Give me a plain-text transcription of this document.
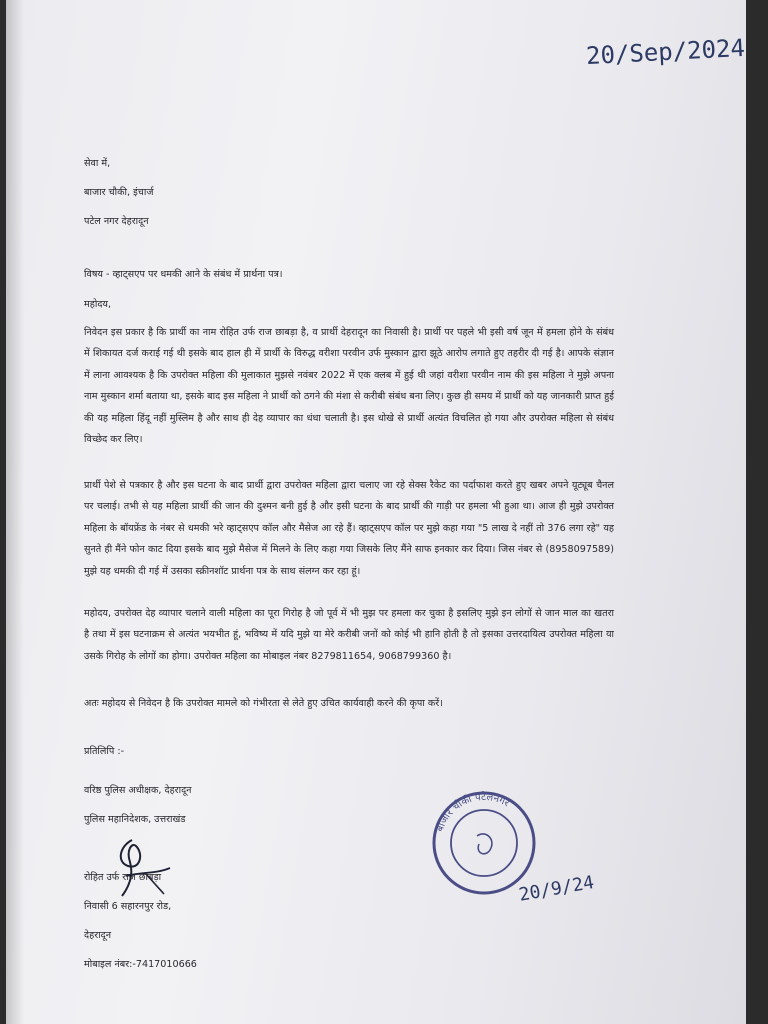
20/Sep/2024
सेवा में,
बाजार चौकी, इंचार्ज
पटेल नगर देहरादून
विषय - व्हाट्सएप पर धमकी आने के संबंध में प्रार्थना पत्र।
महोदय,
निवेदन इस प्रकार है कि प्रार्थी का नाम रोहित उर्फ राज छाबड़ा है, व प्रार्थी देहरादून का निवासी है। प्रार्थी पर पहले भी इसी वर्ष जून में हमला होने के संबंध में शिकायत दर्ज कराई गई थी इसके बाद हाल ही में प्रार्थी के विरुद्ध वरीशा परवीन उर्फ मुस्कान द्वारा झूठे आरोप लगाते हुए तहरीर दी गई है। आपके संज्ञान में लाना आवश्यक है कि उपरोक्त महिला की मुलाकात मुझसे नवंबर 2022 में एक क्लब में हुई थी जहां वरीशा परवीन नाम की इस महिला ने मुझे अपना नाम मुस्कान शर्मा बताया था, इसके बाद इस महिला ने प्रार्थी को ठगने की मंशा से करीबी संबंध बना लिए। कुछ ही समय में प्रार्थी को यह जानकारी प्राप्त हुई की यह महिला हिंदू नहीं मुस्लिम है और साथ ही देह व्यापार का धंधा चलाती है। इस धोखे से प्रार्थी अत्यंत विचलित हो गया और उपरोक्त महिला से संबंध विच्छेद कर लिए।
प्रार्थी पेशे से पत्रकार है और इस घटना के बाद प्रार्थी द्वारा उपरोक्त महिला द्वारा चलाए जा रहे सेक्स रैकेट का पर्दाफाश करते हुए खबर अपने यूट्यूब चैनल पर चलाई। तभी से यह महिला प्रार्थी की जान की दुश्मन बनी हुई है और इसी घटना के बाद प्रार्थी की गाड़ी पर हमला भी हुआ था। आज ही मुझे उपरोक्त महिला के बॉयफ्रेंड के नंबर से धमकी भरे व्हाट्सएप कॉल और मैसेज आ रहे हैं। व्हाट्सएप कॉल पर मुझे कहा गया "5 लाख दे नहीं तो 376 लगा रहे" यह सुनते ही मैंने फोन काट दिया इसके बाद मुझे मैसेज में मिलने के लिए कहा गया जिसके लिए मैंने साफ इनकार कर दिया। जिस नंबर से (8958097589) मुझे यह धमकी दी गई में उसका स्क्रीनशॉट प्रार्थना पत्र के साथ संलग्न कर रहा हूं।
महोदय, उपरोक्त देह व्यापार चलाने वाली महिला का पूरा गिरोह है जो पूर्व में भी मुझ पर हमला कर चुका है इसलिए मुझे इन लोगों से जान माल का खतरा है तथा में इस घटनाक्रम से अत्यंत भयभीत हूं, भविष्य में यदि मुझे या मेरे करीबी जनों को कोई भी हानि होती है तो इसका उत्तरदायित्व उपरोक्त महिला या उसके गिरोह के लोगों का होगा। उपरोक्त महिला का मोबाइल नंबर 8279811654, 9068799360 है।
अतः महोदय से निवेदन है कि उपरोक्त मामले को गंभीरता से लेते हुए उचित कार्यवाही करने की कृपा करें।
प्रतिलिपि :-
वरिष्ठ पुलिस अधीक्षक, देहरादून
पुलिस महानिदेशक, उत्तराखंड
रोहित उर्फ राज छाबड़ा
निवासी 6 सहारनपुर रोड,
देहरादून
मोबाइल नंबर:-7417010666
बाजार चौकी पटेलनगर
20/9/24
